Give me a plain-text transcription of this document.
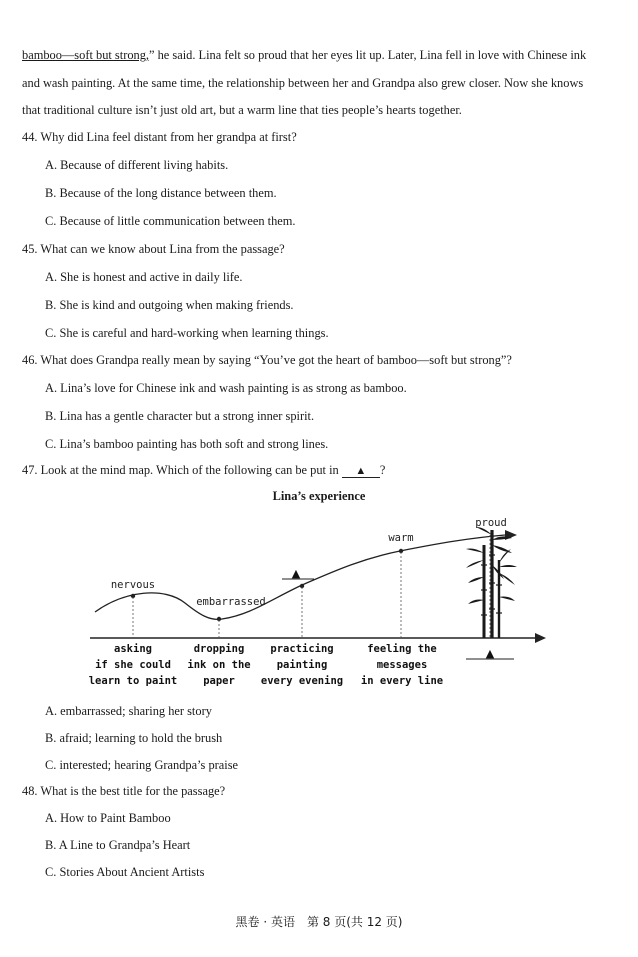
bamboo—soft but strong,” he said. Lina felt so proud that her eyes lit up. Later, Lina fell in love with Chinese ink
and wash painting. At the same time, the relationship between her and Grandpa also grew closer. Now she knows
that traditional culture isn’t just old art, but a warm line that ties people’s hearts together.
44. Why did Lina feel distant from her grandpa at first?
A. Because of different living habits.
B. Because of the long distance between them.
C. Because of little communication between them.
45. What can we know about Lina from the passage?
A. She is honest and active in daily life.
B. She is kind and outgoing when making friends.
C. She is careful and hard-working when learning things.
46. What does Grandpa really mean by saying “You’ve got the heart of bamboo—soft but strong”?
A. Lina’s love for Chinese ink and wash painting is as strong as bamboo.
B. Lina has a gentle character but a strong inner spirit.
C. Lina’s bamboo painting has both soft and strong lines.
47. Look at the mind map. Which of the following can be put in ▲ ?
Lina’s experience
nervous
embarrassed
warm
proud
▲
asking
if she could
learn to paint
dropping
ink on the
paper
practicing
painting
every evening
feeling the
messages
in every line
▲
A. embarrassed; sharing her story
B. afraid; learning to hold the brush
C. interested; hearing Grandpa’s praise
48. What is the best title for the passage?
A. How to Paint Bamboo
B. A Line to Grandpa’s Heart
C. Stories About Ancient Artists
黑卷 · 英语　第 8 页(共 12 页)
